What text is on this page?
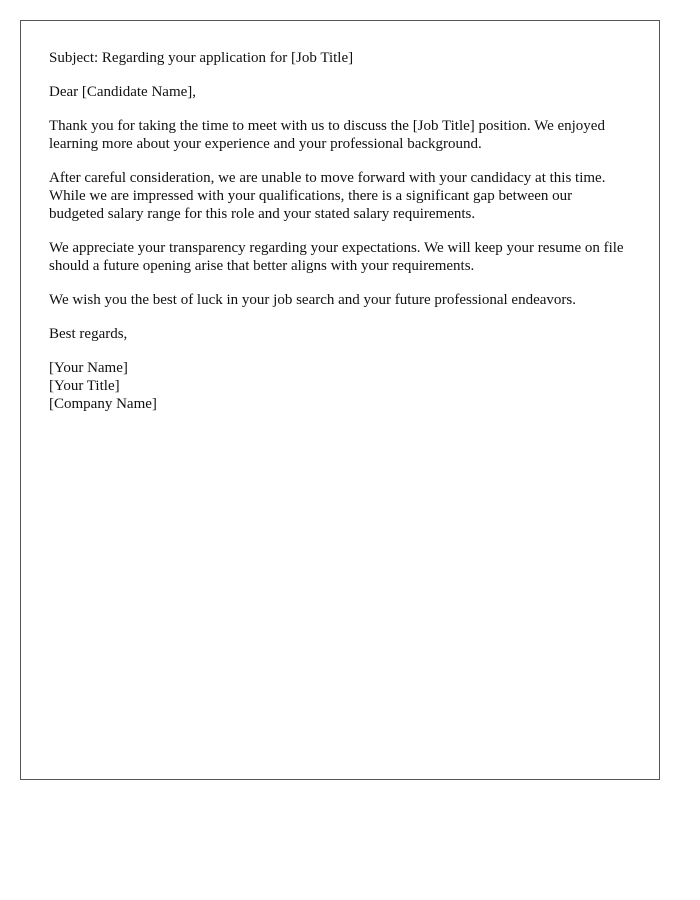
Subject: Regarding your application for [Job Title]

Dear [Candidate Name],

Thank you for taking the time to meet with us to discuss the [Job Title] position. We enjoyed learning more about your experience and your professional background.

After careful consideration, we are unable to move forward with your candidacy at this time. While we are impressed with your qualifications, there is a significant gap between our budgeted salary range for this role and your stated salary requirements.

We appreciate your transparency regarding your expectations. We will keep your resume on file should a future opening arise that better aligns with your requirements.

We wish you the best of luck in your job search and your future professional endeavors.

Best regards,

[Your Name]
[Your Title]
[Company Name]
